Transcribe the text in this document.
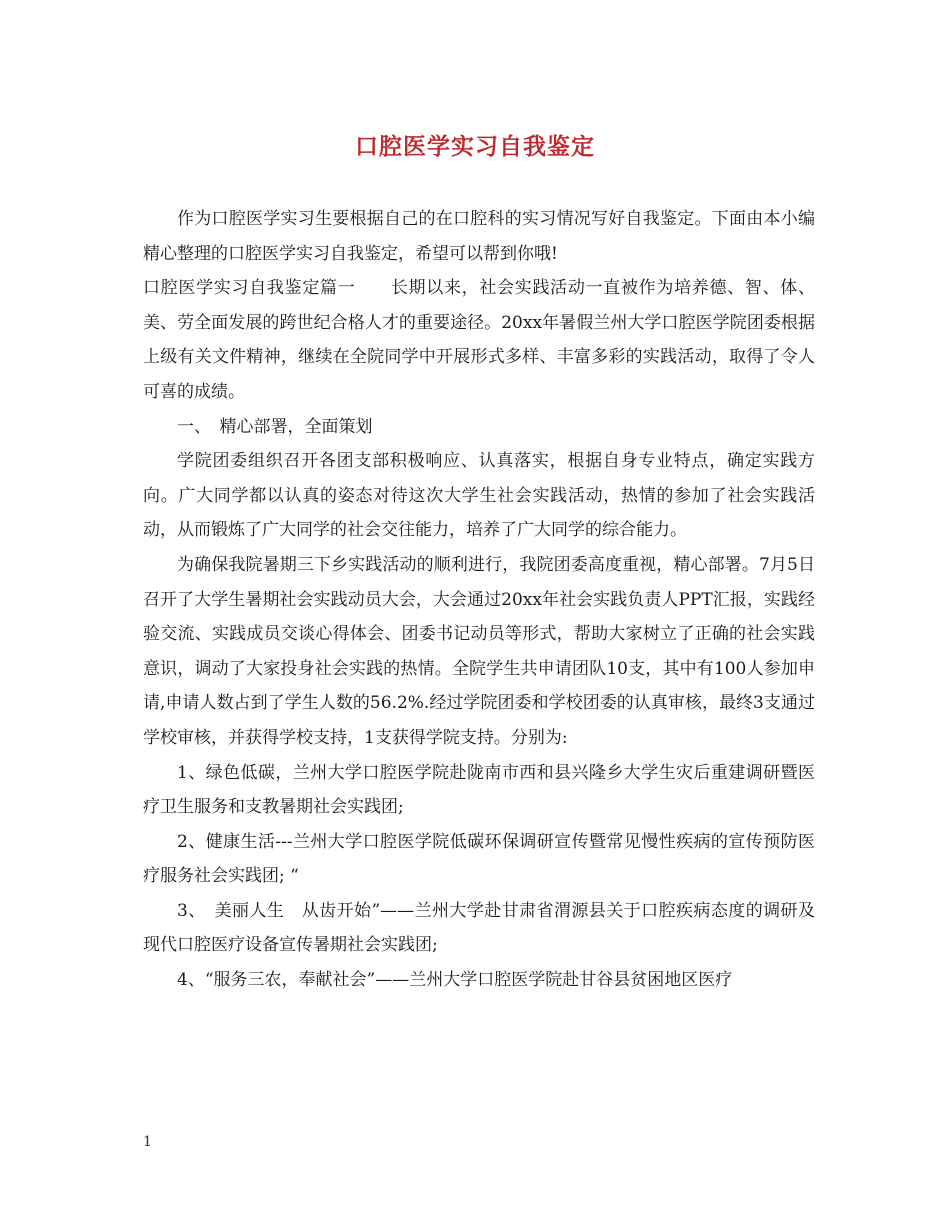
口腔医学实习自我鉴定

作为口腔医学实习生要根据自己的在口腔科的实习情况写好自我鉴定。下面由本小编精心整理的口腔医学实习自我鉴定，希望可以帮到你哦!

口腔医学实习自我鉴定篇一　　长期以来，社会实践活动一直被作为培养德、智、体、美、劳全面发展的跨世纪合格人才的重要途径。20xx年暑假兰州大学口腔医学院团委根据上级有关文件精神，继续在全院同学中开展形式多样、丰富多彩的实践活动，取得了令人可喜的成绩。

一、　精心部署，全面策划

学院团委组织召开各团支部积极响应、认真落实，根据自身专业特点，确定实践方向。广大同学都以认真的姿态对待这次大学生社会实践活动，热情的参加了社会实践活动，从而锻炼了广大同学的社会交往能力，培养了广大同学的综合能力。

为确保我院暑期三下乡实践活动的顺利进行，我院团委高度重视，精心部署。7月5日召开了大学生暑期社会实践动员大会，大会通过20xx年社会实践负责人PPT汇报，实践经验交流、实践成员交谈心得体会、团委书记动员等形式，帮助大家树立了正确的社会实践意识，调动了大家投身社会实践的热情。全院学生共申请团队10支，其中有100人参加申请,申请人数占到了学生人数的56.2%.经过学院团委和学校团委的认真审核，最终3支通过学校审核，并获得学校支持，1支获得学院支持。分别为:

1、绿色低碳，兰州大学口腔医学院赴陇南市西和县兴隆乡大学生灾后重建调研暨医疗卫生服务和支教暑期社会实践团;

2、健康生活---兰州大学口腔医学院低碳环保调研宣传暨常见慢性疾病的宣传预防医疗服务社会实践团; “

3、　美丽人生　从齿开始”——兰州大学赴甘肃省渭源县关于口腔疾病态度的调研及现代口腔医疗设备宣传暑期社会实践团;

4、“服务三农，奉献社会”——兰州大学口腔医学院赴甘谷县贫困地区医疗

1
